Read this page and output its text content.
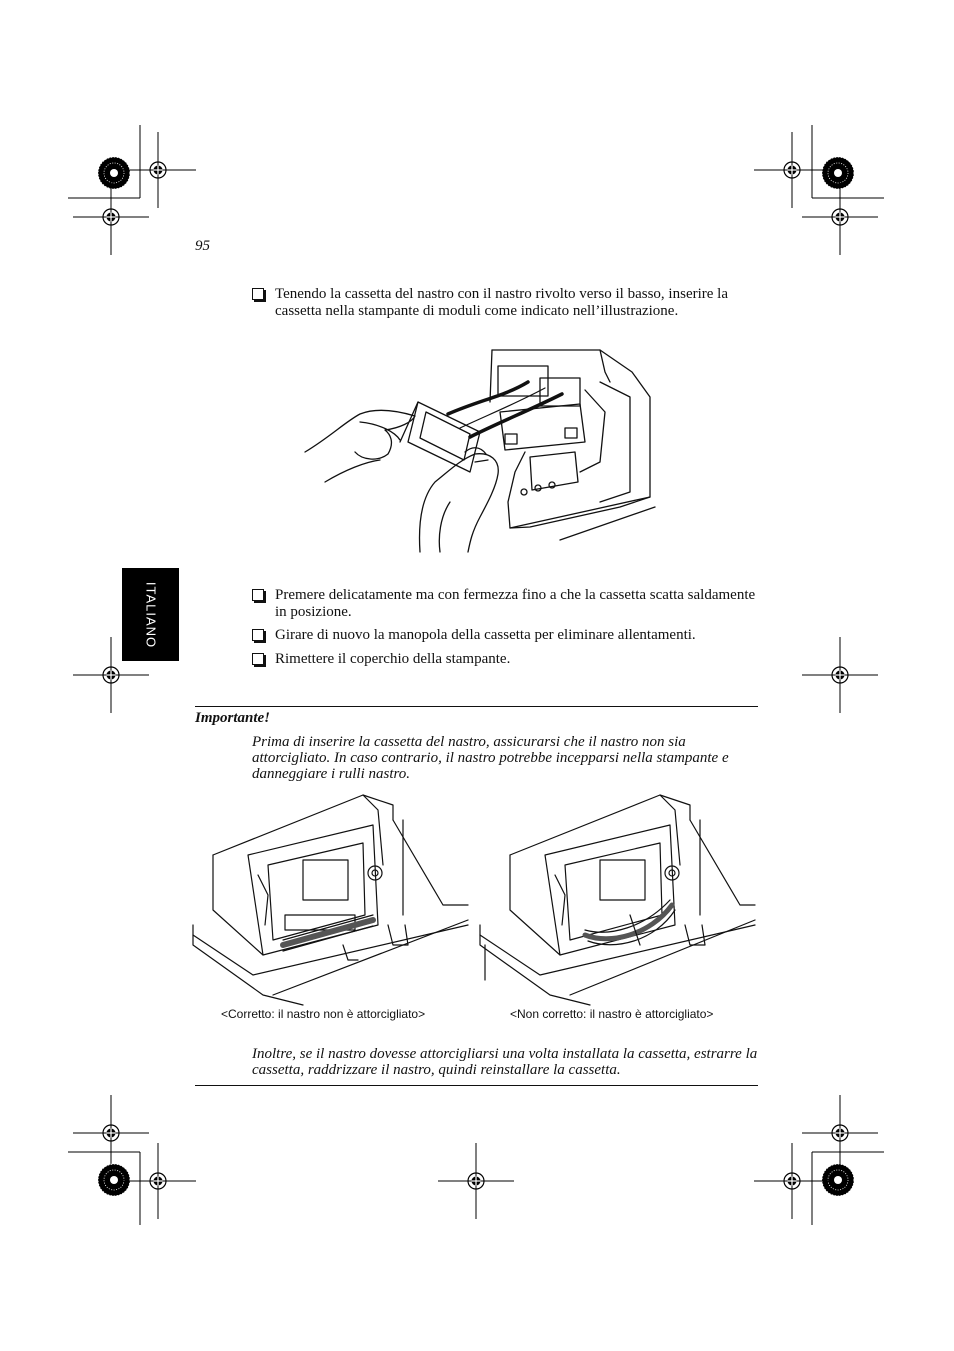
95
ITALIANO
Tenendo la cassetta del nastro con il nastro rivolto verso il basso, inserire la cassetta nella stampante di moduli come indicato nell’illustrazione.
Premere delicatamente ma con fermezza fino a che la cassetta scatta saldamente in posizione.
Girare di nuovo la manopola della cassetta per eliminare allentamenti.
Rimettere il coperchio della stampante.
Importante!
Prima di inserire la cassetta del nastro, assicurarsi che il nastro non sia attorcigliato. In caso contrario, il nastro potrebbe incepparsi nella stampante e danneggiare i rulli nastro.
<Corretto: il nastro non è attorcigliato>	<Non corretto: il nastro è attorcigliato>
Inoltre, se il nastro dovesse attorcigliarsi una volta installata la cassetta, estrarre la cassetta, raddrizzare il nastro, quindi reinstallare la cassetta.
